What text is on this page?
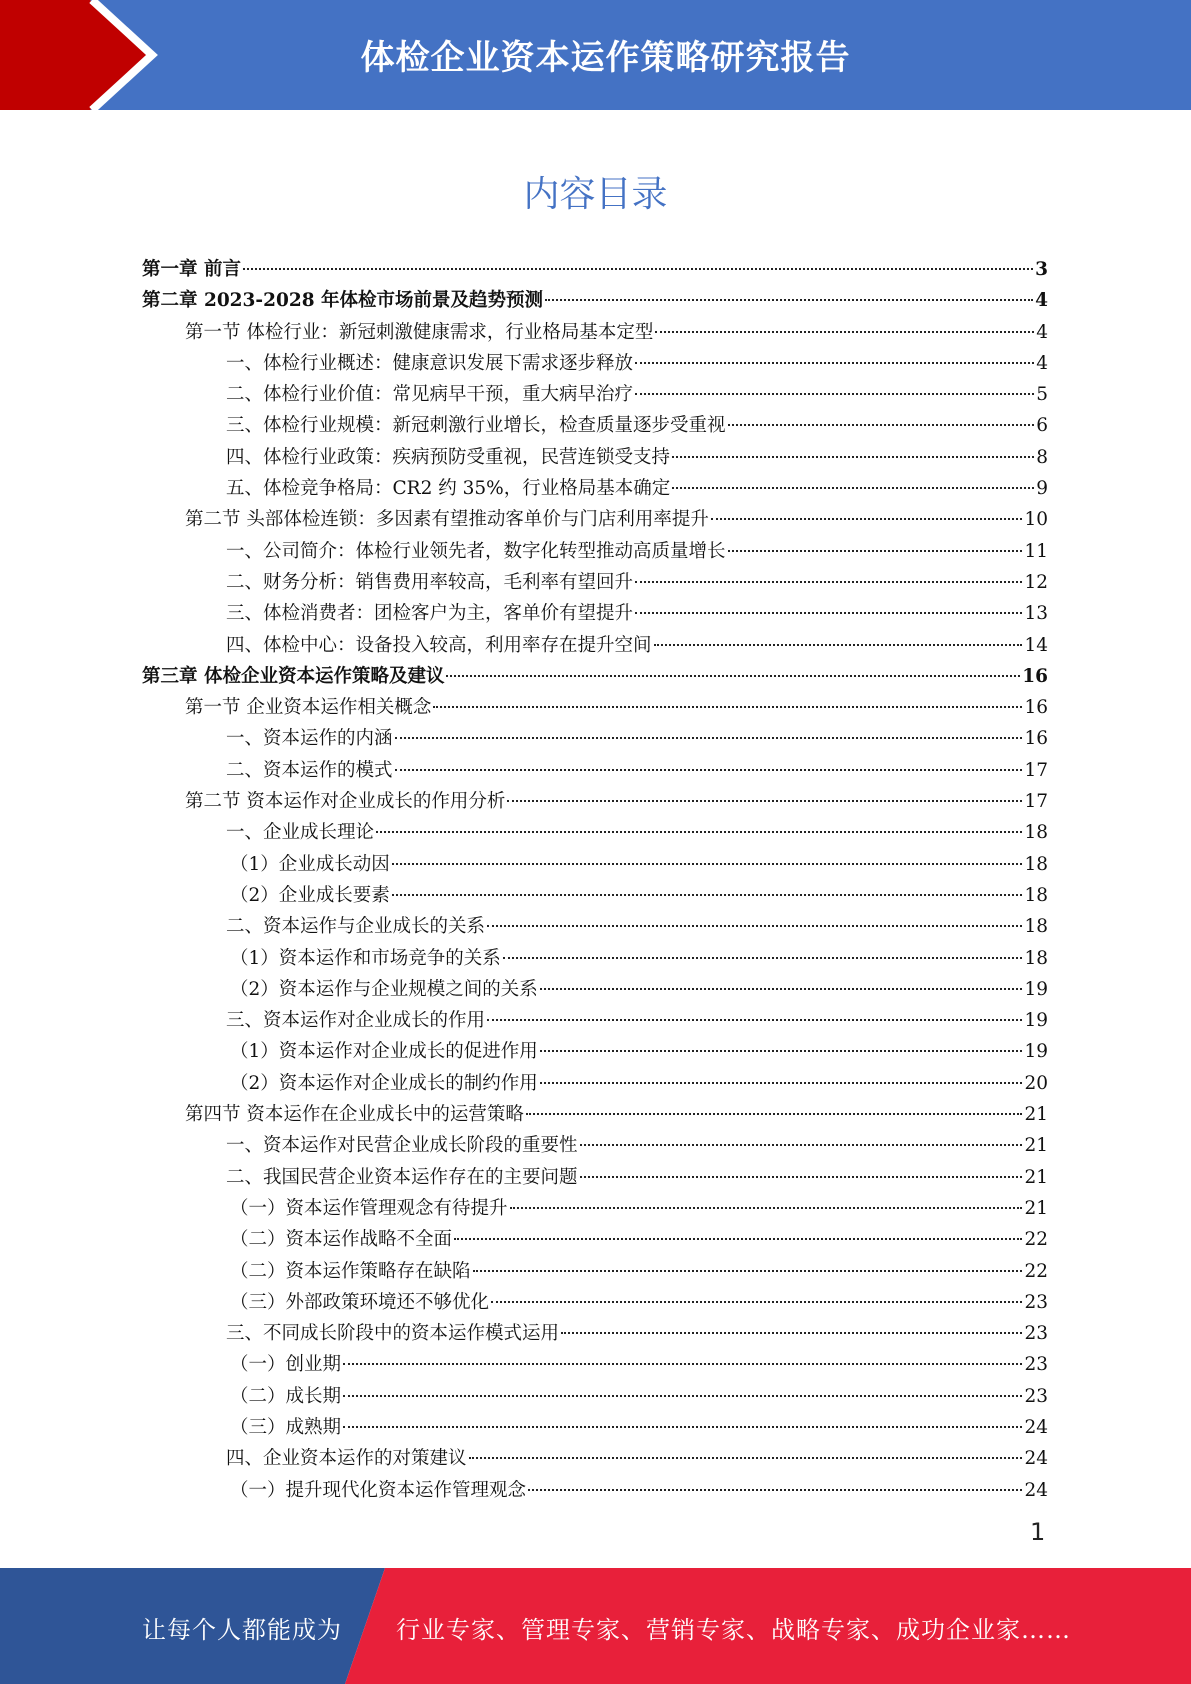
体检企业资本运作策略研究报告
内容目录
第一章 前言	3
第二章 2023-2028 年体检市场前景及趋势预测	4
第一节 体检行业：新冠刺激健康需求，行业格局基本定型	4
一、体检行业概述：健康意识发展下需求逐步释放	4
二、体检行业价值：常见病早干预，重大病早治疗	5
三、体检行业规模：新冠刺激行业增长，检查质量逐步受重视	6
四、体检行业政策：疾病预防受重视，民营连锁受支持	8
五、体检竞争格局：CR2 约 35%，行业格局基本确定	9
第二节 头部体检连锁：多因素有望推动客单价与门店利用率提升	10
一、公司简介：体检行业领先者，数字化转型推动高质量增长	11
二、财务分析：销售费用率较高，毛利率有望回升	12
三、体检消费者：团检客户为主，客单价有望提升	13
四、体检中心：设备投入较高，利用率存在提升空间	14
第三章 体检企业资本运作策略及建议	16
第一节 企业资本运作相关概念	16
一、资本运作的内涵	16
二、资本运作的模式	17
第二节 资本运作对企业成长的作用分析	17
一、企业成长理论	18
（1）企业成长动因	18
（2）企业成长要素	18
二、资本运作与企业成长的关系	18
（1）资本运作和市场竞争的关系	18
（2）资本运作与企业规模之间的关系	19
三、资本运作对企业成长的作用	19
（1）资本运作对企业成长的促进作用	19
（2）资本运作对企业成长的制约作用	20
第四节 资本运作在企业成长中的运营策略	21
一、资本运作对民营企业成长阶段的重要性	21
二、我国民营企业资本运作存在的主要问题	21
（一）资本运作管理观念有待提升	21
（二）资本运作战略不全面	22
（二）资本运作策略存在缺陷	22
（三）外部政策环境还不够优化	23
三、不同成长阶段中的资本运作模式运用	23
（一）创业期	23
（二）成长期	23
（三）成熟期	24
四、企业资本运作的对策建议	24
（一）提升现代化资本运作管理观念	24
1
让每个人都能成为 行业专家、管理专家、营销专家、战略专家、成功企业家……
